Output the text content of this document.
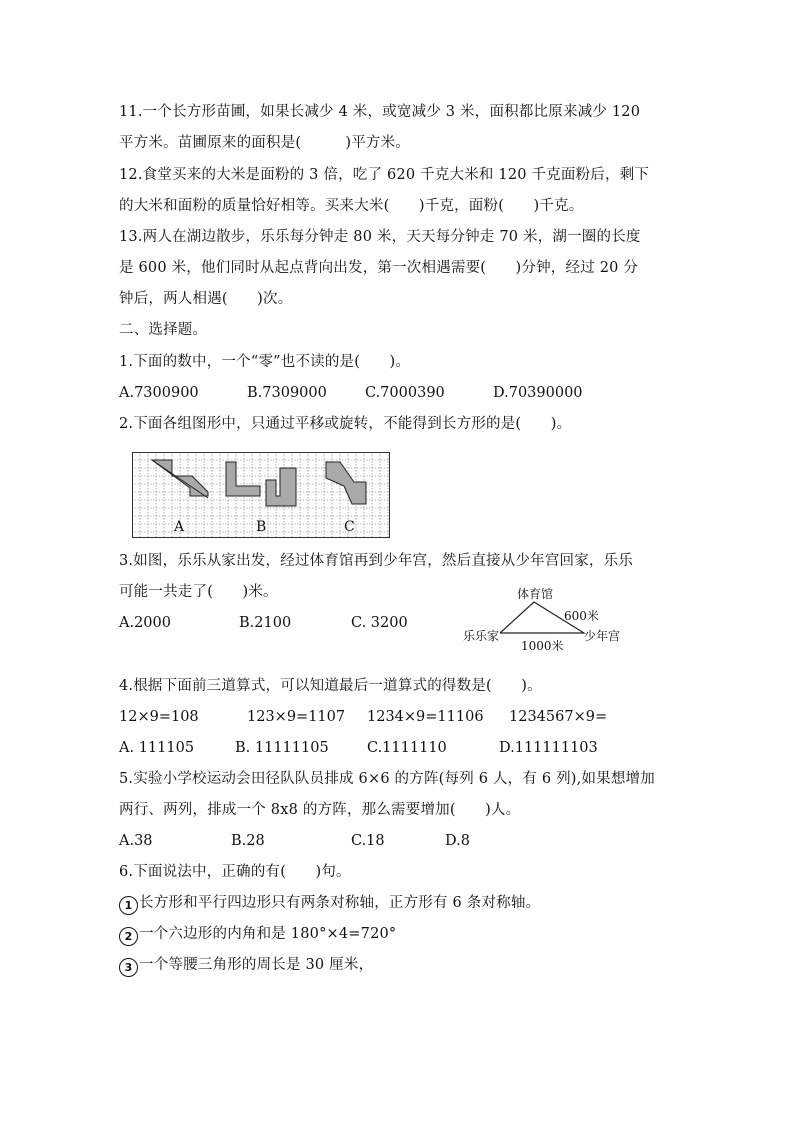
11.一个长方形苗圃，如果长减少 4 米，或宽减少 3 米，面积都比原来减少 120
平方米。苗圃原来的面积是(　　　)平方米。
12.食堂买来的大米是面粉的 3 倍，吃了 620 千克大米和 120 千克面粉后，剩下
的大米和面粉的质量恰好相等。买来大米(　　)千克，面粉(　　)千克。
13.两人在湖边散步，乐乐每分钟走 80 米，天天每分钟走 70 米，湖一圈的长度
是 600 米，他们同时从起点背向出发，第一次相遇需要(　　)分钟，经过 20 分
钟后，两人相遇(　　)次。
二、选择题。
1.下面的数中，一个“零”也不读的是(　　)。
A.7300900	B.7309000	C.7000390	D.70390000
2.下面各组图形中，只通过平移或旋转，不能得到长方形的是(　　)。
A	B	C
3.如图，乐乐从家出发，经过体育馆再到少年宫，然后直接从少年宫回家，乐乐
可能一共走了(　　)米。
A.2000	B.2100	C. 3200
体育馆
600米
乐乐家	少年宫
1000米
4.根据下面前三道算式，可以知道最后一道算式的得数是(　　)。
12×9=108	123×9=1107 1234×9=11106 1234567×9=
A. 111105	B. 11111105	C.1111110	D.111111103
5.实验小学校运动会田径队队员排成 6×6 的方阵(每列 6 人，有 6 列),如果想增加
两行、两列，排成一个 8x8 的方阵，那么需要增加(　　)人。
A.38	B.28	C.18	D.8
6.下面说法中，正确的有(　　)句。
1 长方形和平行四边形只有两条对称轴，正方形有 6 条对称轴。
2 一个六边形的内角和是 180°×4=720°
3 一个等腰三角形的周长是 30 厘米，
